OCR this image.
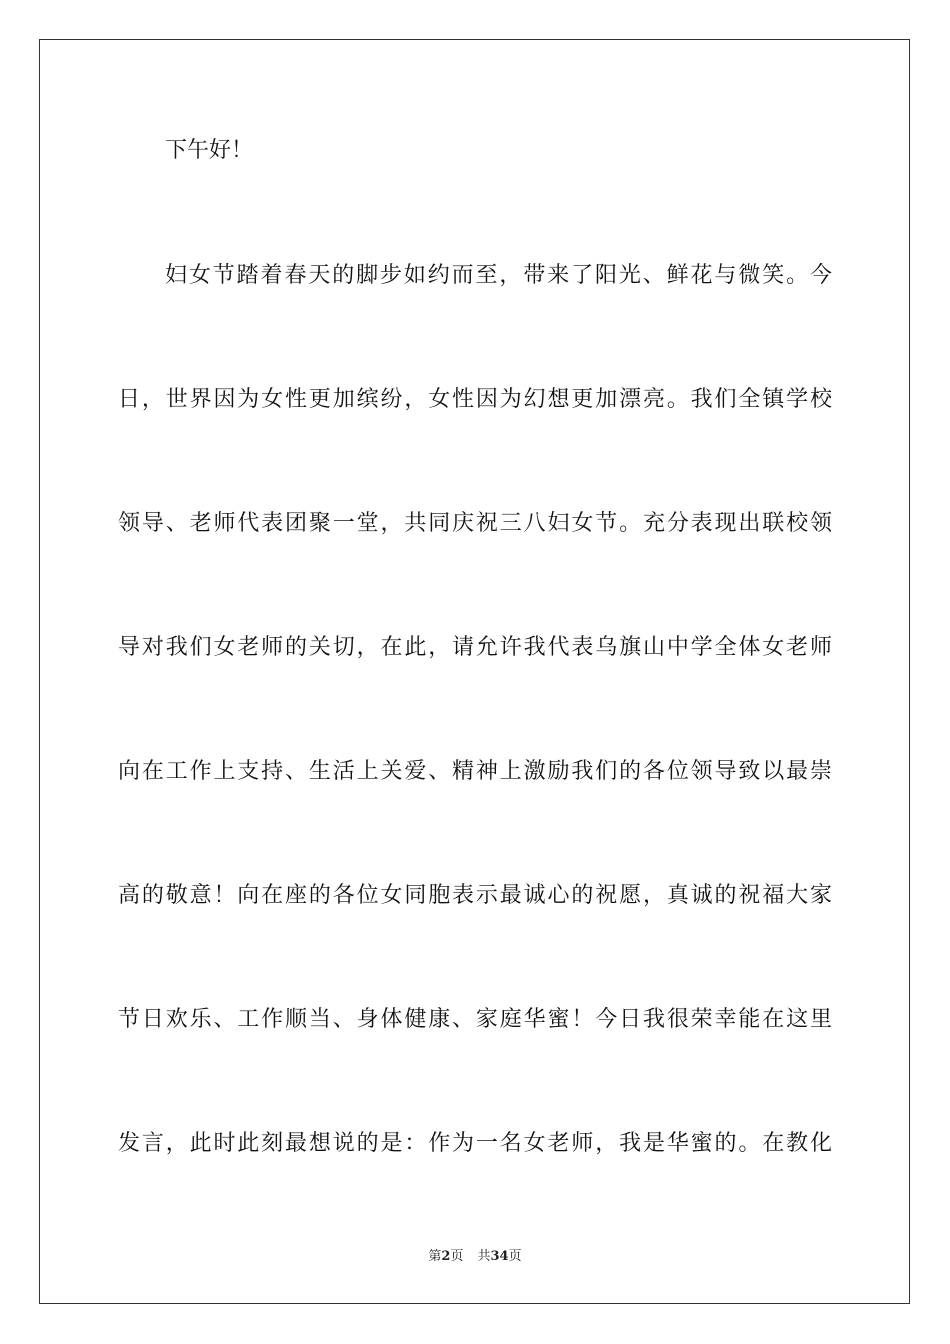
下午好！
妇女节踏着春天的脚步如约而至，带来了阳光、鲜花与微笑。今
日，世界因为女性更加缤纷，女性因为幻想更加漂亮。我们全镇学校
领导、老师代表团聚一堂，共同庆祝三八妇女节。充分表现出联校领
导对我们女老师的关切，在此，请允许我代表乌旗山中学全体女老师
向在工作上支持、生活上关爱、精神上激励我们的各位领导致以最崇
高的敬意！向在座的各位女同胞表示最诚心的祝愿，真诚的祝福大家
节日欢乐、工作顺当、身体健康、家庭华蜜！今日我很荣幸能在这里
发言，此时此刻最想说的是：作为一名女老师，我是华蜜的。在教化
第2页 共34页
